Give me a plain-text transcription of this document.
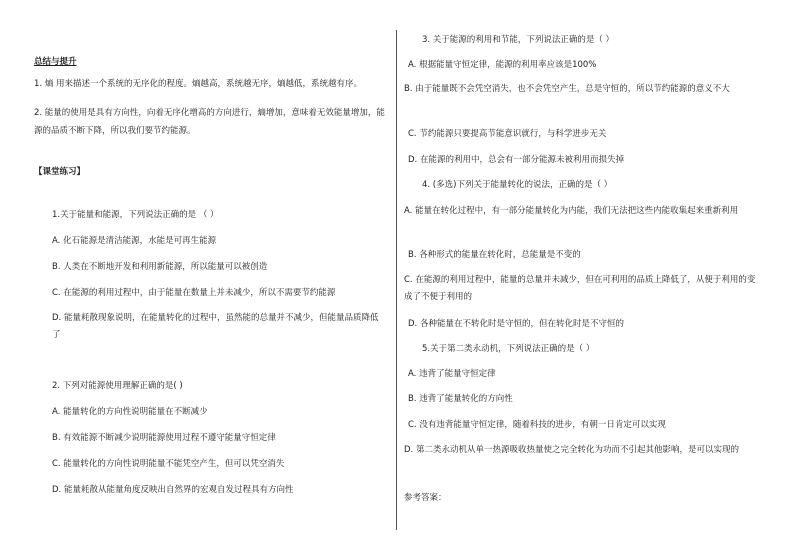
总结与提升
1. 熵 用来描述一个系统的无序化的程度。熵越高，系统越无序，熵越低，系统越有序。
2. 能量的使用是具有方向性，向着无序化增高的方向进行，熵增加，意味着无效能量增加，能源的品质不断下降，所以我们要节约能源。
【课堂练习】
1.关于能量和能源，下列说法正确的是 （ ）
A. 化石能源是清洁能源，水能是可再生能源
B. 人类在不断地开发和利用新能源，所以能量可以被创造
C. 在能源的利用过程中，由于能量在数量上并未减少，所以不需要节约能源
D. 能量耗散现象说明，在能量转化的过程中，虽然能的总量并不减少，但能量品质降低了
2. 下列对能源使用理解正确的是( )
A. 能量转化的方向性说明能量在不断减少
B. 有效能源不断减少说明能源使用过程不遵守能量守恒定律
C. 能量转化的方向性说明能量不能凭空产生，但可以凭空消失
D. 能量耗散从能量角度反映出自然界的宏观自发过程具有方向性
3. 关于能源的利用和节能，下列说法正确的是（ ）
A. 根据能量守恒定律，能源的利用率应该是100%
B. 由于能量既不会凭空消失，也不会凭空产生，总是守恒的，所以节约能源的意义不大
C. 节约能源只要提高节能意识就行，与科学进步无关
D. 在能源的利用中，总会有一部分能源未被利用而损失掉
4. (多选)下列关于能量转化的说法，正确的是（ ）
A. 能量在转化过程中，有一部分能量转化为内能，我们无法把这些内能收集起来重新利用
B. 各种形式的能量在转化时，总能量是不变的
C. 在能源的利用过程中，能量的总量并未减少，但在可利用的品质上降低了，从便于利用的变成了不便于利用的
D. 各种能量在不转化时是守恒的，但在转化时是不守恒的
5.关于第二类永动机，下列说法正确的是（ ）
A. 违背了能量守恒定律
B. 违背了能量转化的方向性
C. 没有违背能量守恒定律，随着科技的进步，有朝一日肯定可以实现
D. 第二类永动机从单一热源吸收热量使之完全转化为功而不引起其他影响，是可以实现的
参考答案：
